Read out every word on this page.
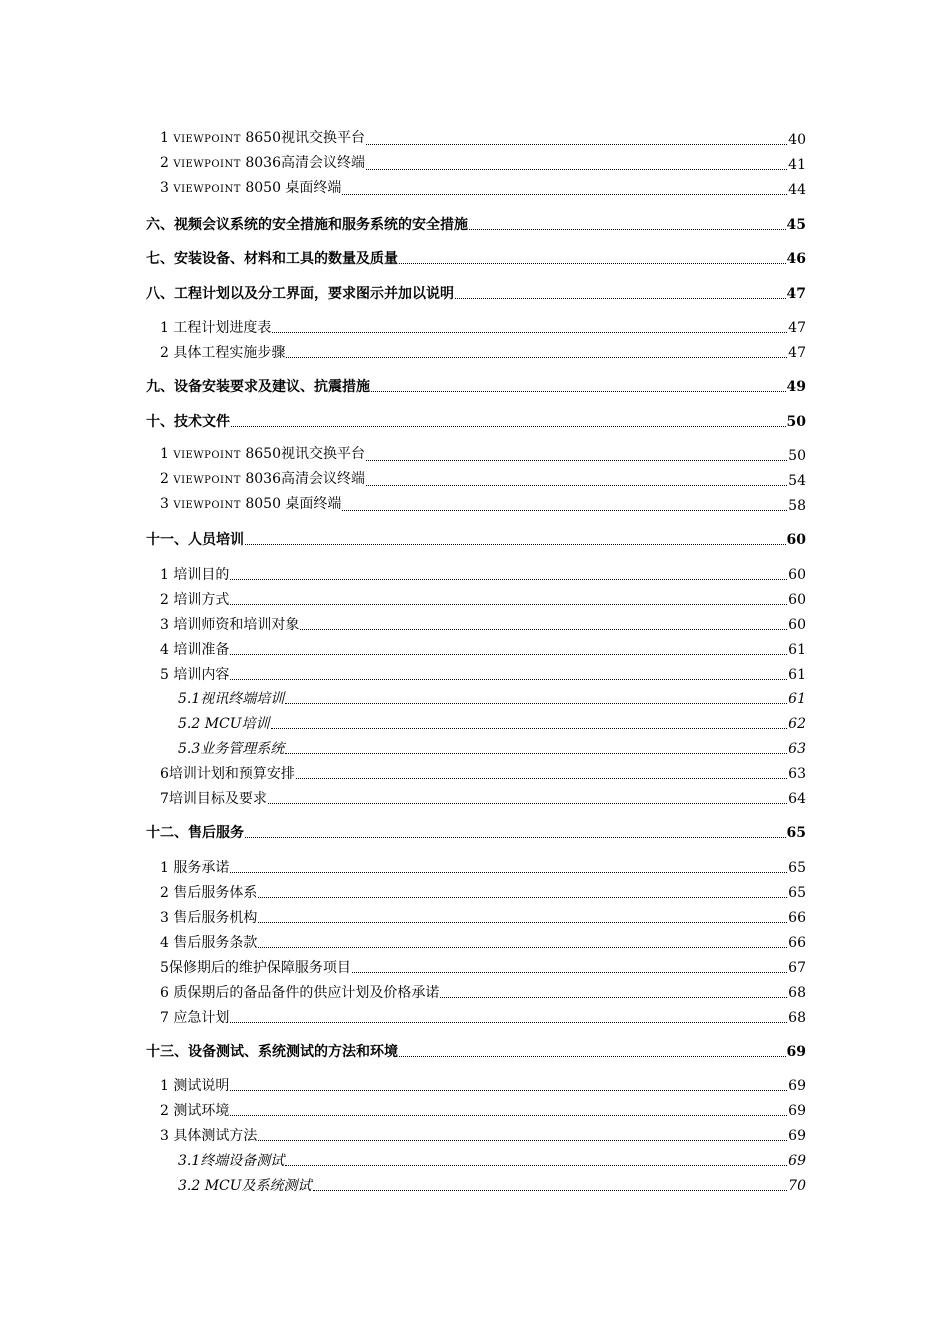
1 VIEWPOINT 8650视讯交换平台	40
2 VIEWPOINT 8036高清会议终端	41
3 VIEWPOINT 8050 桌面终端	44
六、视频会议系统的安全措施和服务系统的安全措施	45
七、安装设备、材料和工具的数量及质量	46
八、工程计划以及分工界面，要求图示并加以说明	47
1 工程计划进度表	47
2 具体工程实施步骤	47
九、设备安装要求及建议、抗震措施	49
十、技术文件	50
1 VIEWPOINT 8650视讯交换平台	50
2 VIEWPOINT 8036高清会议终端	54
3 VIEWPOINT 8050 桌面终端	58
十一、人员培训	60
1 培训目的	60
2 培训方式	60
3 培训师资和培训对象	60
4 培训准备	61
5 培训内容	61
5.1视讯终端培训	61
5.2 MCU培训	62
5.3业务管理系统	63
6培训计划和预算安排	63
7培训目标及要求	64
十二、售后服务	65
1 服务承诺	65
2 售后服务体系	65
3 售后服务机构	66
4 售后服务条款	66
5保修期后的维护保障服务项目	67
6 质保期后的备品备件的供应计划及价格承诺	68
7 应急计划	68
十三、设备测试、系统测试的方法和环境	69
1 测试说明	69
2 测试环境	69
3 具体测试方法	69
3.1终端设备测试	69
3.2 MCU及系统测试	70
